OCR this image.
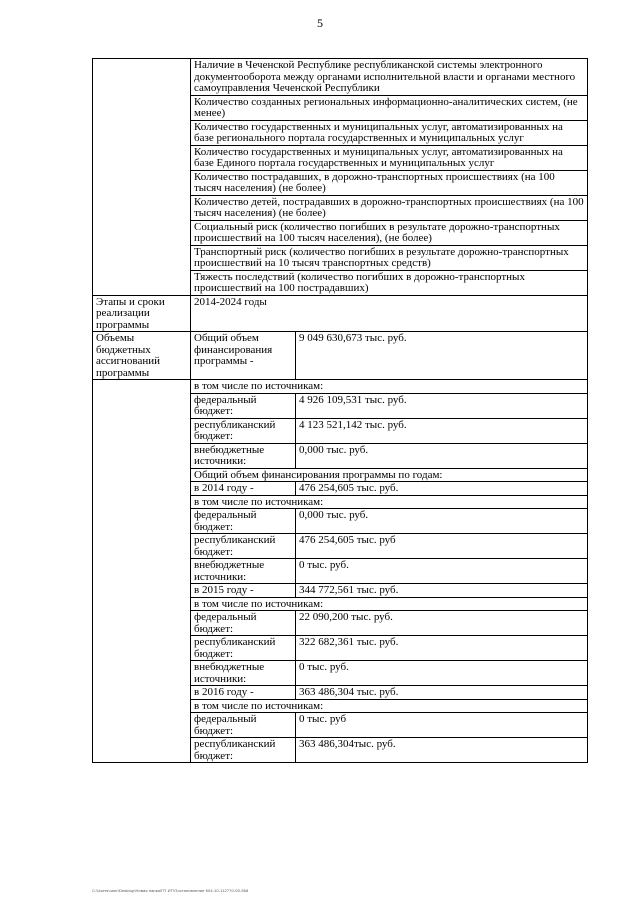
5
	Наличие в Чеченской Республике республиканской системы электронного документооборота между органами исполнительной власти и органами местного самоуправления Чеченской Республики	
	Количество созданных региональных информационно-аналитических систем, (не менее)	
	Количество государственных и муниципальных услуг, автоматизированных на базе регионального портала государственных и муниципальных услуг	
	Количество государственных и муниципальных услуг, автоматизированных на базе Единого портала государственных и муниципальных услуг	
	Количество пострадавших, в дорожно-транспортных происшествиях (на 100 тысяч населения) (не более)	
	Количество детей, пострадавших в дорожно-транспортных происшествиях (на 100 тысяч населения) (не более)	
	Социальный риск (количество погибших в результате дорожно-транспортных происшествий на 100 тысяч населения), (не более)	
	Транспортный риск (количество погибших в результате дорожно-транспортных происшествий на 10 тысяч транспортных средств)	
	Тяжесть последствий (количество погибших в дорожно-транспортных происшествий на 100 пострадавших)	
Этапы и сроки реализации программы	2014-2024 годы	
Объемы бюджетных ассигнований программы	Общий объем финансирования программы -	9 049 630,673 тыс. руб.
	в том числе по источникам:	
	федеральный бюджет:	4 926 109,531 тыс. руб.
	республиканский бюджет:	4 123 521,142 тыс. руб.
	внебюджетные источники:	0,000 тыс. руб.
	Общий объем финансирования программы по годам:	
	в 2014 году -	476 254,605 тыс. руб.
	в том числе по источникам:	
	федеральный бюджет:	0,000 тыс. руб.
	республиканский бюджет:	476 254,605 тыс. руб
	внебюджетные источники:	0 тыс. руб.
	в 2015 году -	344 772,561 тыс. руб.
	в том числе по источникам:	
	федеральный бюджет:	22 090,200 тыс. руб.
	республиканский бюджет:	322 682,361 тыс. руб.
	внебюджетные источники:	0 тыс. руб.
	в 2016 году -	363 486,304 тыс. руб.
	в том числе по источникам:	
	федеральный бюджет:	0 тыс. руб
	республиканский бюджет:	363 486,304тыс. руб.
С:\Users\user\Desktop\Новая папка\ГП ИТ\Постановление 604-10-112770-00-568
